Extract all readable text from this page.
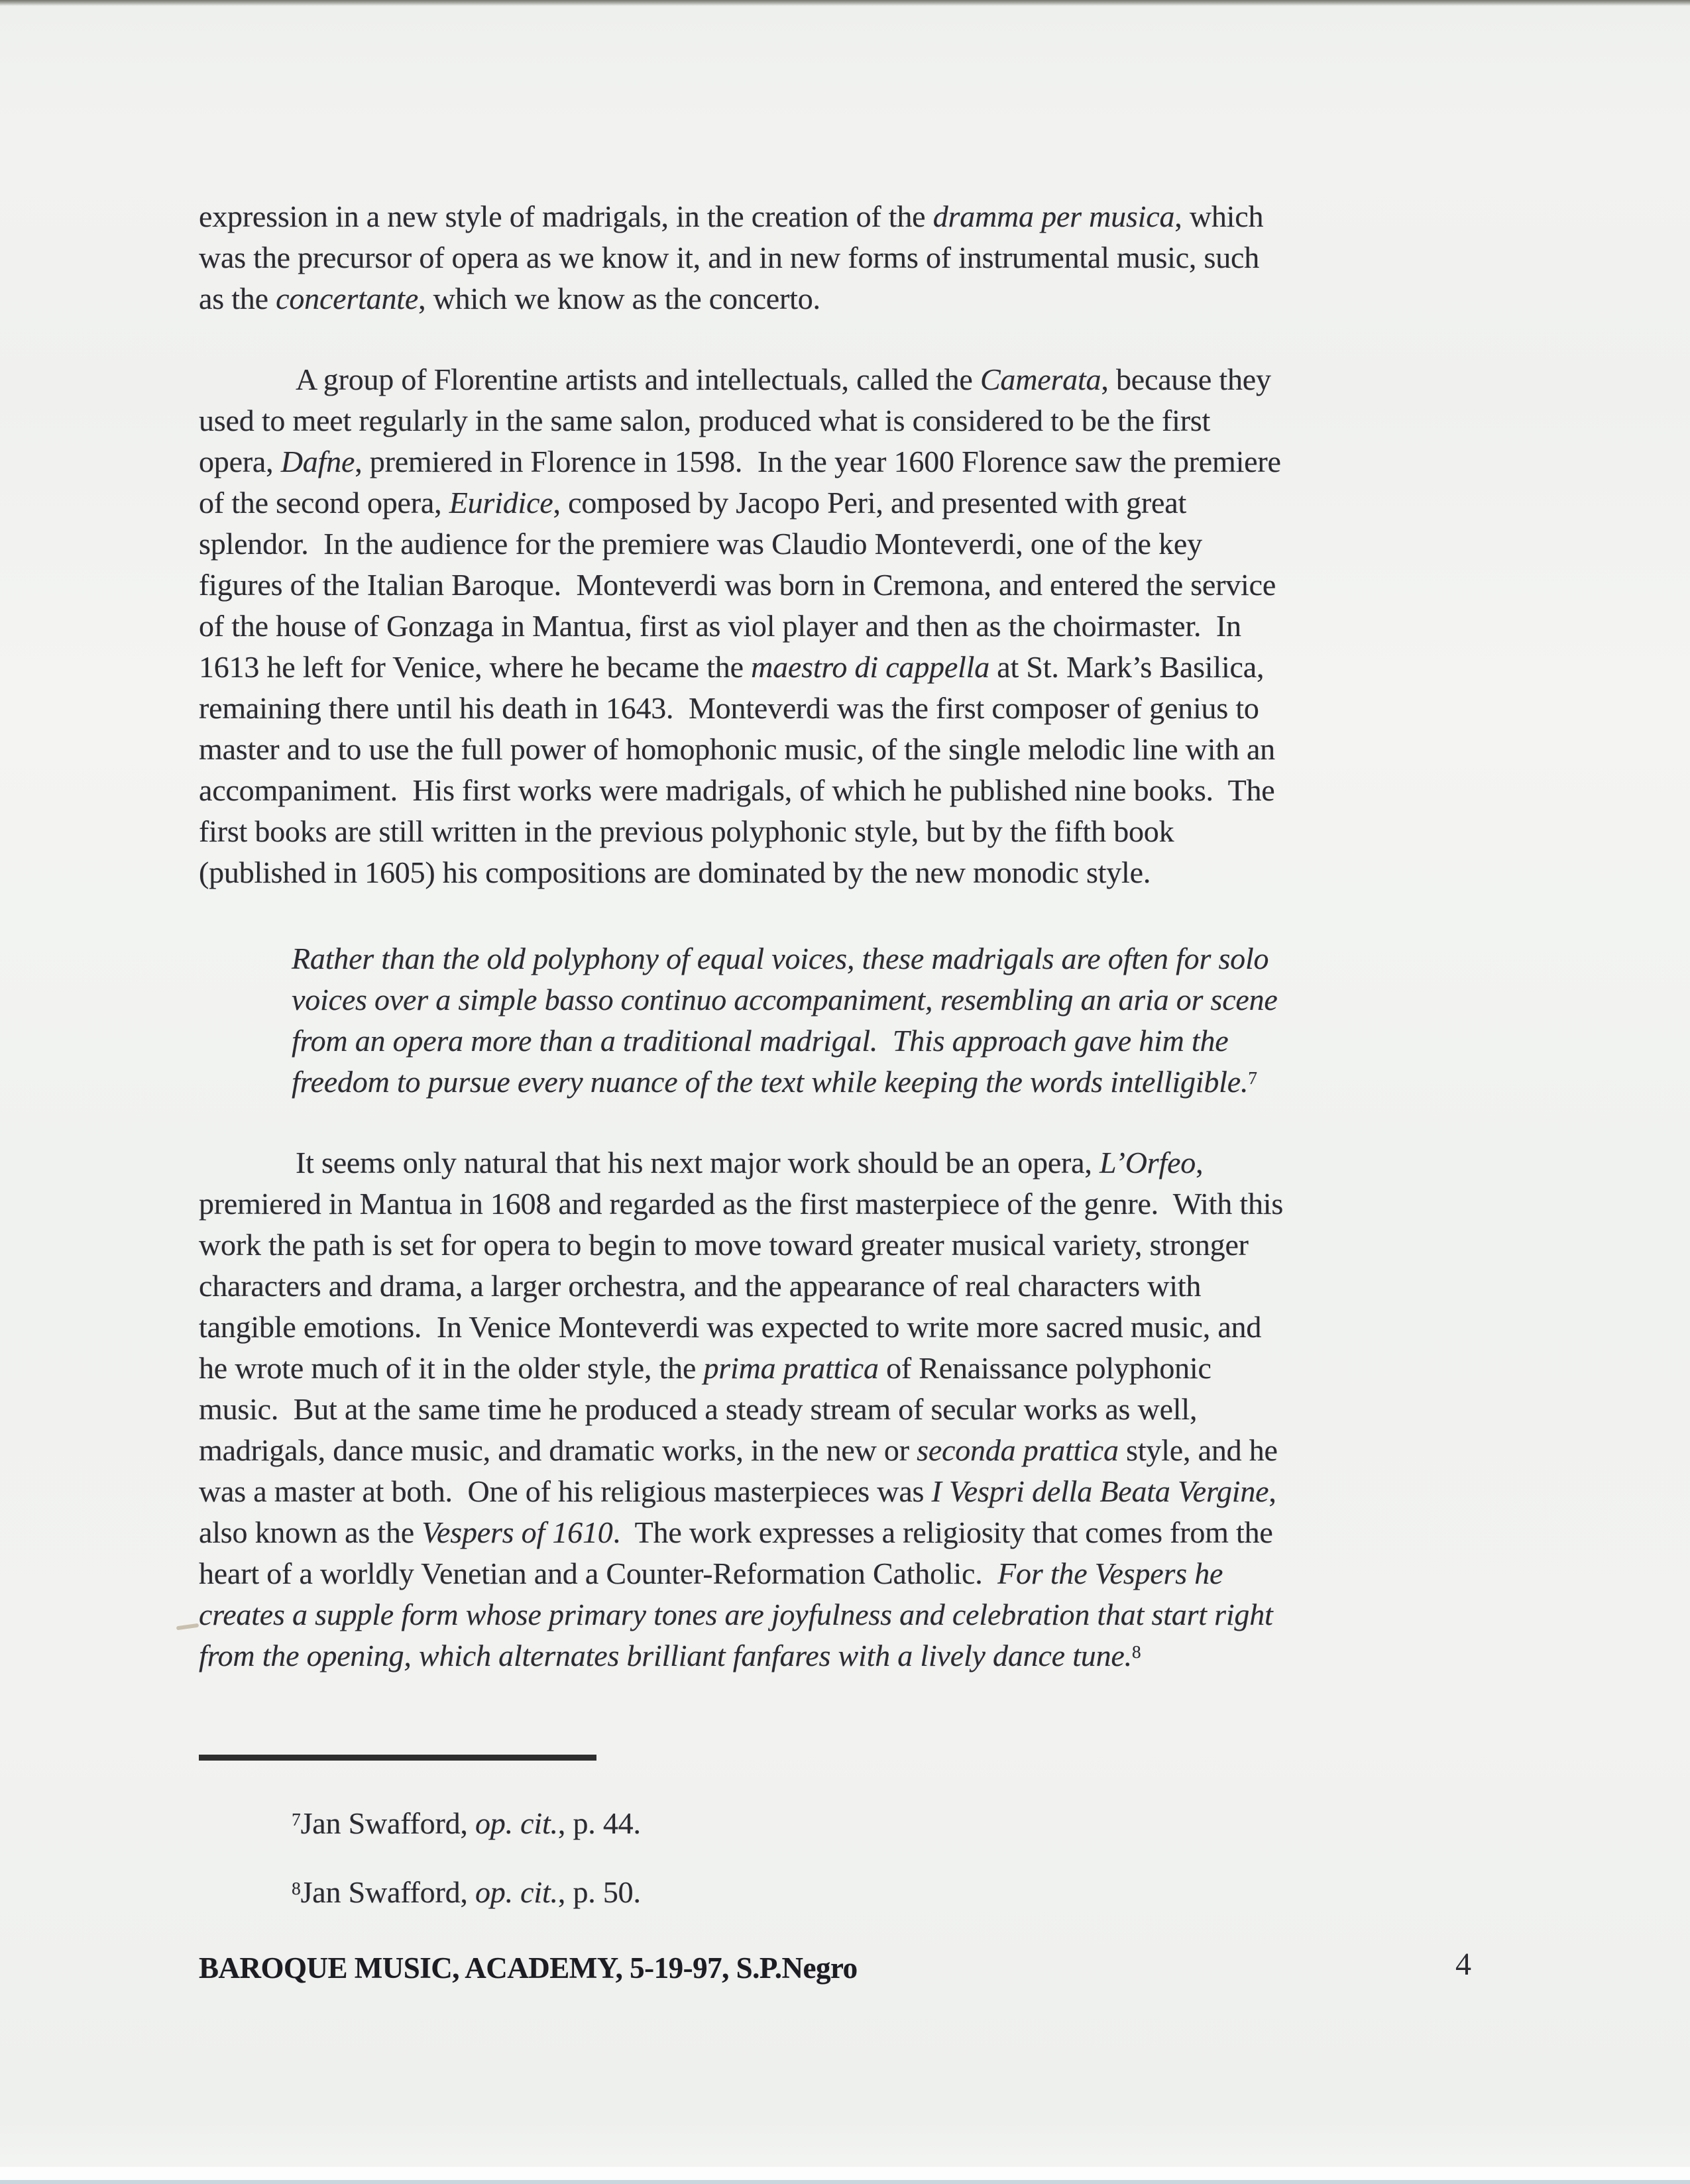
expression in a new style of madrigals, in the creation of the dramma per musica, which
was the precursor of opera as we know it, and in new forms of instrumental music, such
as the concertante, which we know as the concerto.
A group of Florentine artists and intellectuals, called the Camerata, because they
used to meet regularly in the same salon, produced what is considered to be the first
opera, Dafne, premiered in Florence in 1598.  In the year 1600 Florence saw the premiere
of the second opera, Euridice, composed by Jacopo Peri, and presented with great
splendor.  In the audience for the premiere was Claudio Monteverdi, one of the key
figures of the Italian Baroque.  Monteverdi was born in Cremona, and entered the service
of the house of Gonzaga in Mantua, first as viol player and then as the choirmaster.  In
1613 he left for Venice, where he became the maestro di cappella at St. Mark’s Basilica,
remaining there until his death in 1643.  Monteverdi was the first composer of genius to
master and to use the full power of homophonic music, of the single melodic line with an
accompaniment.  His first works were madrigals, of which he published nine books.  The
first books are still written in the previous polyphonic style, but by the fifth book
(published in 1605) his compositions are dominated by the new monodic style.
Rather than the old polyphony of equal voices, these madrigals are often for solo
voices over a simple basso continuo accompaniment, resembling an aria or scene
from an opera more than a traditional madrigal.  This approach gave him the
freedom to pursue every nuance of the text while keeping the words intelligible.$^7$
It seems only natural that his next major work should be an opera, L’Orfeo,
premiered in Mantua in 1608 and regarded as the first masterpiece of the genre.  With this
work the path is set for opera to begin to move toward greater musical variety, stronger
characters and drama, a larger orchestra, and the appearance of real characters with
tangible emotions.  In Venice Monteverdi was expected to write more sacred music, and
he wrote much of it in the older style, the prima prattica of Renaissance polyphonic
music.  But at the same time he produced a steady stream of secular works as well,
madrigals, dance music, and dramatic works, in the new or seconda prattica style, and he
was a master at both.  One of his religious masterpieces was I Vespri della Beata Vergine,
also known as the Vespers of 1610.  The work expresses a religiosity that comes from the
heart of a worldly Venetian and a Counter-Reformation Catholic.  For the Vespers he
creates a supple form whose primary tones are joyfulness and celebration that start right
from the opening, which alternates brilliant fanfares with a lively dance tune.$^8$
$^7$Jan Swafford, op. cit., p. 44.
$^8$Jan Swafford, op. cit., p. 50.
BAROQUE MUSIC, ACADEMY, 5-19-97, S.P.Negro	4
